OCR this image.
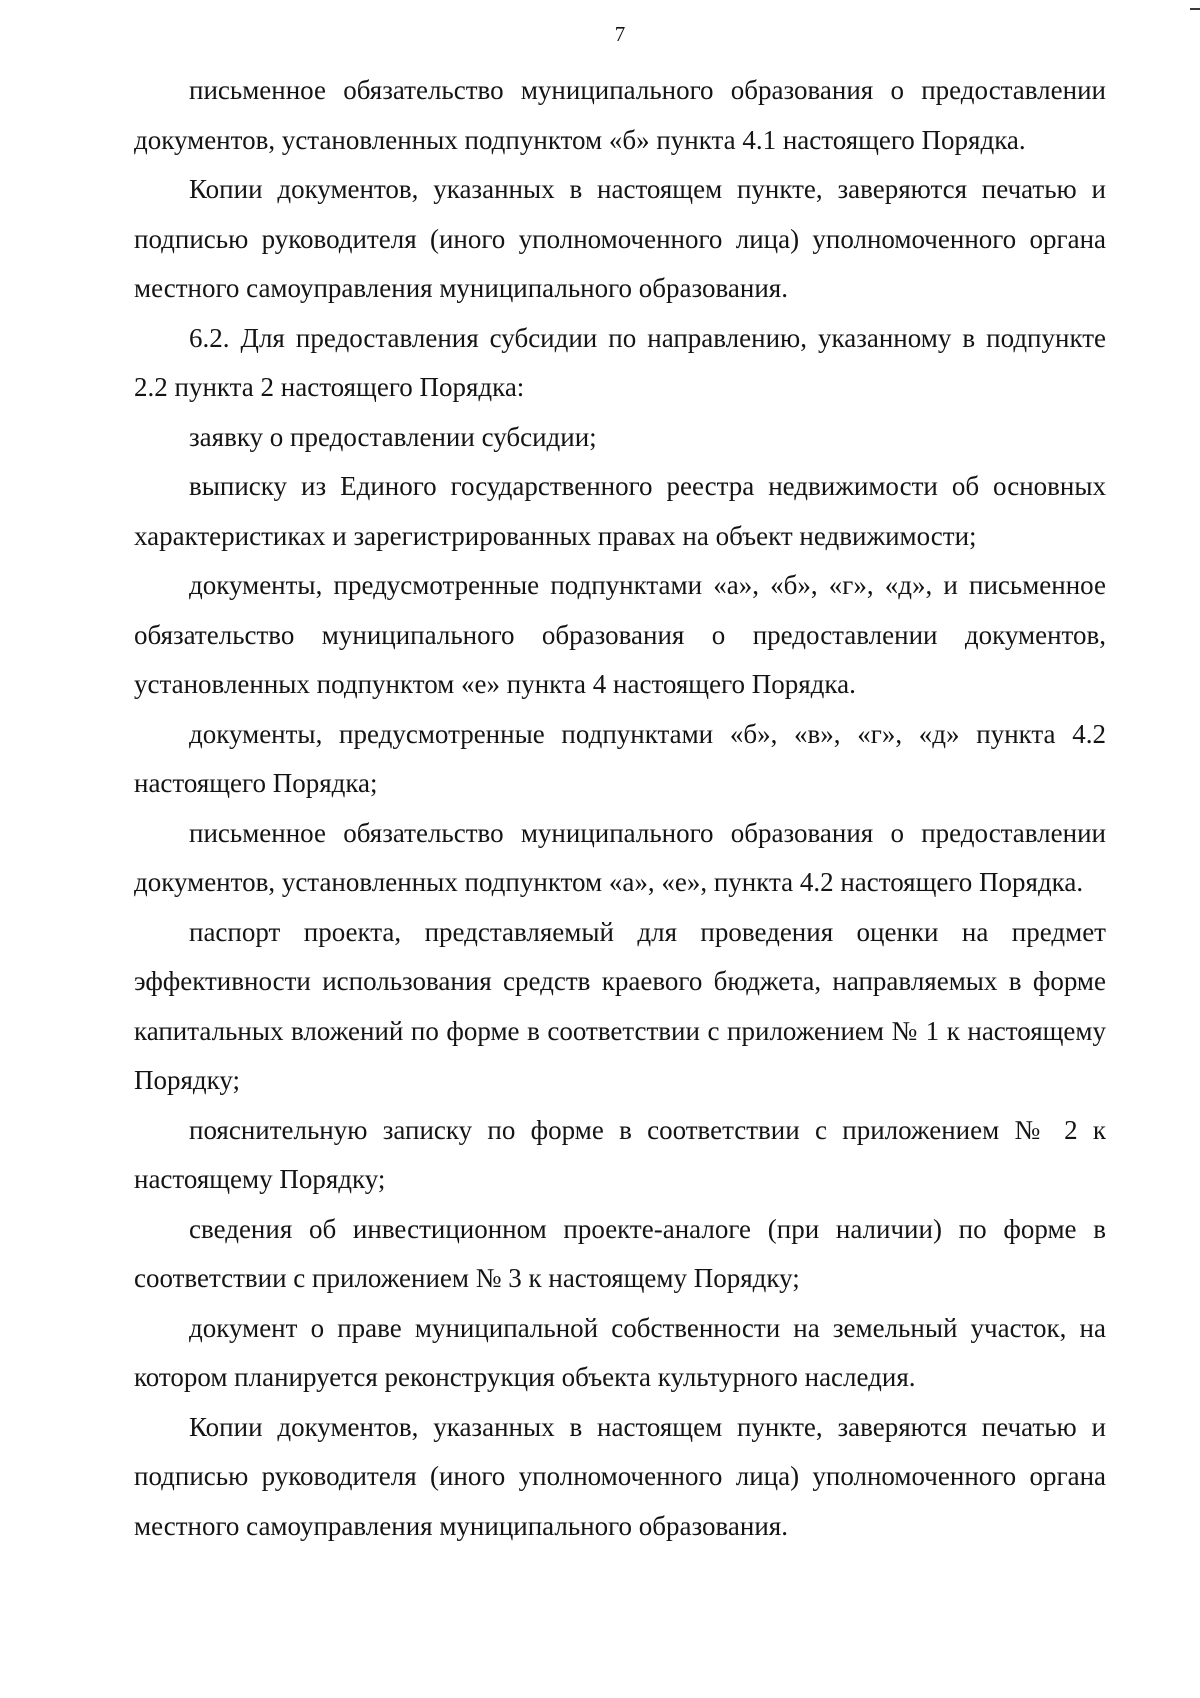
7

письменное обязательство муниципального образования о предоставлении документов, установленных подпунктом «б» пункта 4.1 настоящего Порядка.

Копии документов, указанных в настоящем пункте, заверяются печатью и подписью руководителя (иного уполномоченного лица) уполномоченного органа местного самоуправления муниципального образования.

6.2. Для предоставления субсидии по направлению, указанному в подпункте 2.2 пункта 2 настоящего Порядка:

заявку о предоставлении субсидии;

выписку из Единого государственного реестра недвижимости об основных характеристиках и зарегистрированных правах на объект недвижимости;

документы, предусмотренные подпунктами «а», «б», «г», «д», и письменное обязательство муниципального образования о предоставлении документов, установленных подпунктом «е» пункта 4 настоящего Порядка.

документы, предусмотренные подпунктами «б», «в», «г», «д» пункта 4.2 настоящего Порядка;

письменное обязательство муниципального образования о предоставлении документов, установленных подпунктом «а», «е», пункта 4.2 настоящего Порядка.

паспорт проекта, представляемый для проведения оценки на предмет эффективности использования средств краевого бюджета, направляемых в форме капитальных вложений по форме в соответствии с приложением № 1 к настоящему Порядку;

пояснительную записку по форме в соответствии с приложением № 2 к настоящему Порядку;

сведения об инвестиционном проекте-аналоге (при наличии) по форме в соответствии с приложением № 3 к настоящему Порядку;

документ о праве муниципальной собственности на земельный участок, на котором планируется реконструкция объекта культурного наследия.

Копии документов, указанных в настоящем пункте, заверяются печатью и подписью руководителя (иного уполномоченного лица) уполномоченного органа местного самоуправления муниципального образования.
